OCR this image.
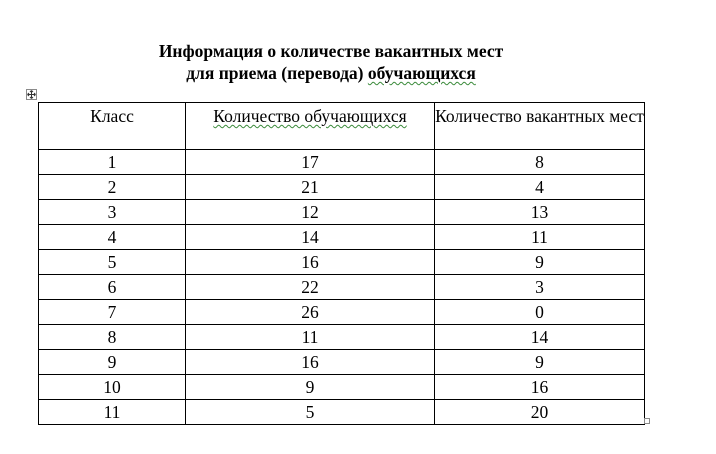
Информация о количестве вакантных мест
для приема (перевода) обучающихся
Класс	Количество обучающихся	Количество вакантных мест
1	17	8
2	21	4
3	12	13
4	14	11
5	16	9
6	22	3
7	26	0
8	11	14
9	16	9
10	9	16
11	5	20
